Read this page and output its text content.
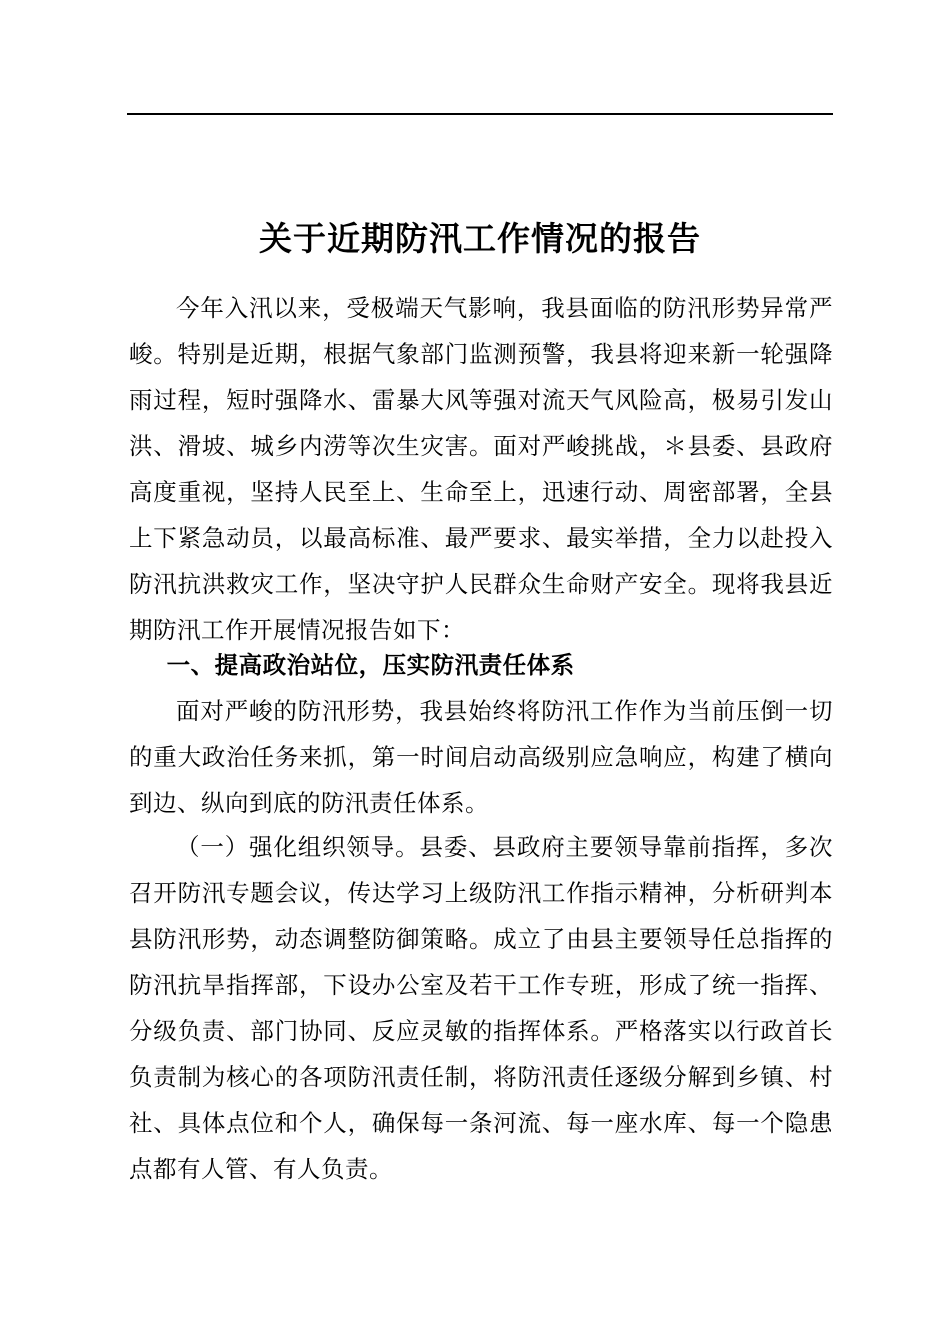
关于近期防汛工作情况的报告

今年入汛以来，受极端天气影响，我县面临的防汛形势异常严峻。特别是近期，根据气象部门监测预警，我县将迎来新一轮强降雨过程，短时强降水、雷暴大风等强对流天气风险高，极易引发山洪、滑坡、城乡内涝等次生灾害。面对严峻挑战，＊县委、县政府高度重视，坚持人民至上、生命至上，迅速行动、周密部署，全县上下紧急动员，以最高标准、最严要求、最实举措，全力以赴投入防汛抗洪救灾工作，坚决守护人民群众生命财产安全。现将我县近期防汛工作开展情况报告如下：

一、提高政治站位，压实防汛责任体系

面对严峻的防汛形势，我县始终将防汛工作作为当前压倒一切的重大政治任务来抓，第一时间启动高级别应急响应，构建了横向到边、纵向到底的防汛责任体系。

（一）强化组织领导。县委、县政府主要领导靠前指挥，多次召开防汛专题会议，传达学习上级防汛工作指示精神，分析研判本县防汛形势，动态调整防御策略。成立了由县主要领导任总指挥的防汛抗旱指挥部，下设办公室及若干工作专班，形成了统一指挥、分级负责、部门协同、反应灵敏的指挥体系。严格落实以行政首长负责制为核心的各项防汛责任制，将防汛责任逐级分解到乡镇、村社、具体点位和个人，确保每一条河流、每一座水库、每一个隐患点都有人管、有人负责。
